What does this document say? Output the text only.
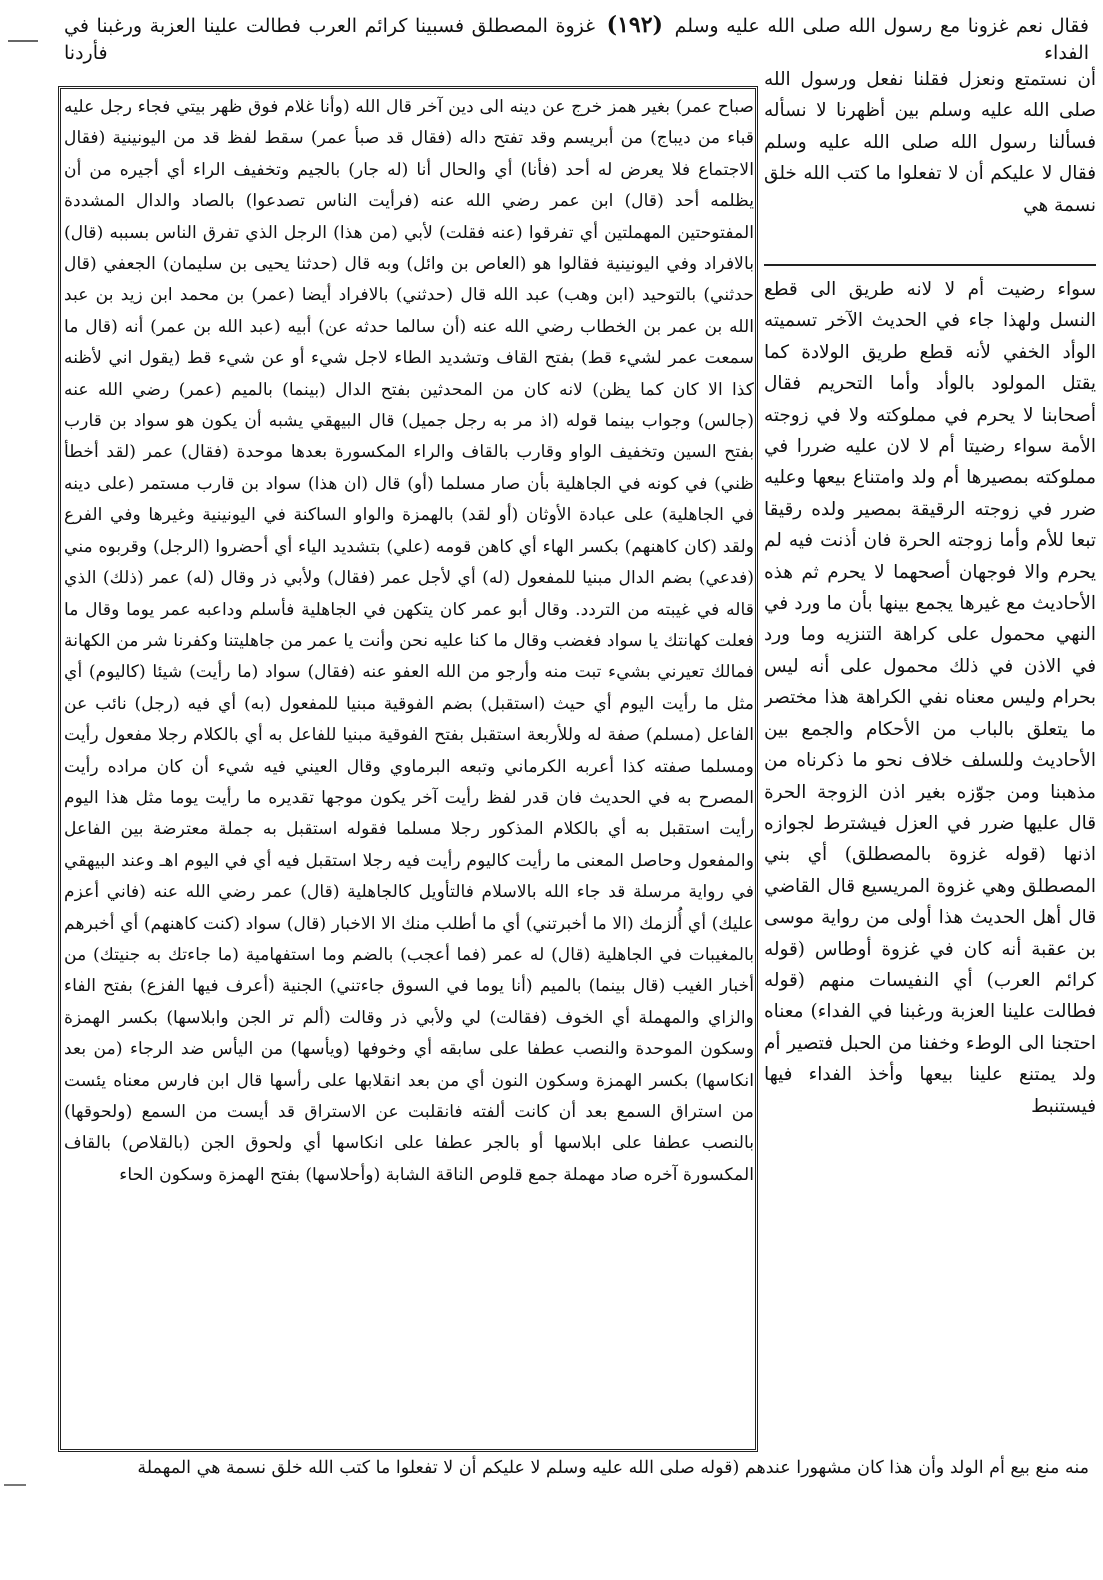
فقال نعم غزونا مع رسول الله صلى الله عليه وسلم (١٩٢) غزوة المصطلق فسبينا كرائم العرب فطالت علينا العزبة ورغبنا في الفداء فأردنا
صباح عمر) بغير همز خرج عن دينه الى دين آخر قال الله (وأنا غلام فوق ظهر بيتي فجاء رجل عليه قباء من ديباج) من أبريسم وقد تفتح داله (فقال قد صبأ عمر) سقط لفظ قد من اليونينية (فقال الاجتماع فلا يعرض له أحد (فأنا) أي والحال أنا (له جار) بالجيم وتخفيف الراء أي أجيره من أن يظلمه أحد (قال) ابن عمر رضي الله عنه (فرأيت الناس تصدعوا) بالصاد والدال المشددة المفتوحتين المهملتين أي تفرقوا (عنه فقلت) لأبي (من هذا) الرجل الذي تفرق الناس بسببه (قال) بالافراد وفي اليونينية فقالوا هو (العاص بن وائل) وبه قال (حدثنا يحيى بن سليمان) الجعفي (قال حدثني) بالتوحيد (ابن وهب) عبد الله قال (حدثني) بالافراد أيضا (عمر) بن محمد ابن زيد بن عبد الله بن عمر بن الخطاب رضي الله عنه (أن سالما حدثه عن) أبيه (عبد الله بن عمر) أنه (قال ما سمعت عمر لشيء قط) بفتح القاف وتشديد الطاء لاجل شيء أو عن شيء قط (يقول اني لأظنه كذا الا كان كما يظن) لانه كان من المحدثين بفتح الدال (بينما) بالميم (عمر) رضي الله عنه (جالس) وجواب بينما قوله (اذ مر به رجل جميل) قال البيهقي يشبه أن يكون هو سواد بن قارب بفتح السين وتخفيف الواو وقارب بالقاف والراء المكسورة بعدها موحدة (فقال) عمر (لقد أخطأ ظني) في كونه في الجاهلية بأن صار مسلما (أو) قال (ان هذا) سواد بن قارب مستمر (على دينه في الجاهلية) على عبادة الأوثان (أو لقد) بالهمزة والواو الساكنة في اليونينية وغيرها وفي الفرع ولقد (كان كاهنهم) بكسر الهاء أي كاهن قومه (علي) بتشديد الياء أي أحضروا (الرجل) وقربوه مني (فدعي) بضم الدال مبنيا للمفعول (له) أي لأجل عمر (فقال) ولأبي ذر وقال (له) عمر (ذلك) الذي قاله في غيبته من التردد. وقال أبو عمر كان يتكهن في الجاهلية فأسلم وداعبه عمر يوما وقال ما فعلت كهانتك يا سواد فغضب وقال ما كنا عليه نحن وأنت يا عمر من جاهليتنا وكفرنا شر من الكهانة فمالك تعيرني بشيء تبت منه وأرجو من الله العفو عنه (فقال) سواد (ما رأيت) شيئا (كاليوم) أي مثل ما رأيت اليوم أي حيث (استقبل) بضم الفوقية مبنيا للمفعول (به) أي فيه (رجل) نائب عن الفاعل (مسلم) صفة له وللأربعة استقبل بفتح الفوقية مبنيا للفاعل به أي بالكلام رجلا مفعول رأيت ومسلما صفته كذا أعربه الكرماني وتبعه البرماوي وقال العيني فيه شيء أن كان مراده رأيت المصرح به في الحديث فان قدر لفظ رأيت آخر يكون موجها تقديره ما رأيت يوما مثل هذا اليوم رأيت استقبل به أي بالكلام المذكور رجلا مسلما فقوله استقبل به جملة معترضة بين الفاعل والمفعول وحاصل المعنى ما رأيت كاليوم رأيت فيه رجلا استقبل فيه أي في اليوم اهـ وعند البيهقي في رواية مرسلة قد جاء الله بالاسلام فالتأويل كالجاهلية (قال) عمر رضي الله عنه (فاني أعزم عليك) أي أُلزمك (الا ما أخبرتني) أي ما أطلب منك الا الاخبار (قال) سواد (كنت كاهنهم) أي أخبرهم بالمغيبات في الجاهلية (قال) له عمر (فما أعجب) بالضم وما استفهامية (ما جاءتك به جنيتك) من أخبار الغيب (قال بينما) بالميم (أنا يوما في السوق جاءتني) الجنية (أعرف فيها الفزع) بفتح الفاء والزاي والمهملة أي الخوف (فقالت) لي ولأبي ذر وقالت (ألم تر الجن وابلاسها) بكسر الهمزة وسكون الموحدة والنصب عطفا على سابقه أي وخوفها (ويأسها) من اليأس ضد الرجاء (من بعد انكاسها) بكسر الهمزة وسكون النون أي من بعد انقلابها على رأسها قال ابن فارس معناه يئست من استراق السمع بعد أن كانت ألفته فانقلبت عن الاستراق قد أيست من السمع (ولحوقها) بالنصب عطفا على ابلاسها أو بالجر عطفا على انكاسها أي ولحوق الجن (بالقلاص) بالقاف المكسورة آخره صاد مهملة جمع قلوص الناقة الشابة (وأحلاسها) بفتح الهمزة وسكون الحاء
أن نستمتع ونعزل فقلنا نفعل ورسول الله صلى الله عليه وسلم بين أظهرنا لا نسأله فسألنا رسول الله صلى الله عليه وسلم فقال لا عليكم أن لا تفعلوا ما كتب الله خلق نسمة هي
سواء رضيت أم لا لانه طريق الى قطع النسل ولهذا جاء في الحديث الآخر تسميته الوأد الخفي لأنه قطع طريق الولادة كما يقتل المولود بالوأد وأما التحريم فقال أصحابنا لا يحرم في مملوكته ولا في زوجته الأمة سواء رضيتا أم لا لان عليه ضررا في مملوكته بمصيرها أم ولد وامتناع بيعها وعليه ضرر في زوجته الرقيقة بمصير ولده رقيقا تبعا للأم وأما زوجته الحرة فان أذنت فيه لم يحرم والا فوجهان أصحهما لا يحرم ثم هذه الأحاديث مع غيرها يجمع بينها بأن ما ورد في النهي محمول على كراهة التنزيه وما ورد في الاذن في ذلك محمول على أنه ليس بحرام وليس معناه نفي الكراهة هذا مختصر ما يتعلق بالباب من الأحكام والجمع بين الأحاديث وللسلف خلاف نحو ما ذكرناه من مذهبنا ومن جوّزه بغير اذن الزوجة الحرة قال عليها ضرر في العزل فيشترط لجوازه اذنها (قوله غزوة بالمصطلق) أي بني المصطلق وهي غزوة المريسيع قال القاضي قال أهل الحديث هذا أولى من رواية موسى بن عقبة أنه كان في غزوة أوطاس (قوله كرائم العرب) أي النفيسات منهم (قوله فطالت علينا العزبة ورغبنا في الفداء) معناه احتجنا الى الوطء وخفنا من الحبل فتصير أم ولد يمتنع علينا بيعها وأخذ الفداء فيها فيستنبط
منه منع بيع أم الولد وأن هذا كان مشهورا عندهم (قوله صلى الله عليه وسلم لا عليكم أن لا تفعلوا ما كتب الله خلق نسمة هي المهملة
